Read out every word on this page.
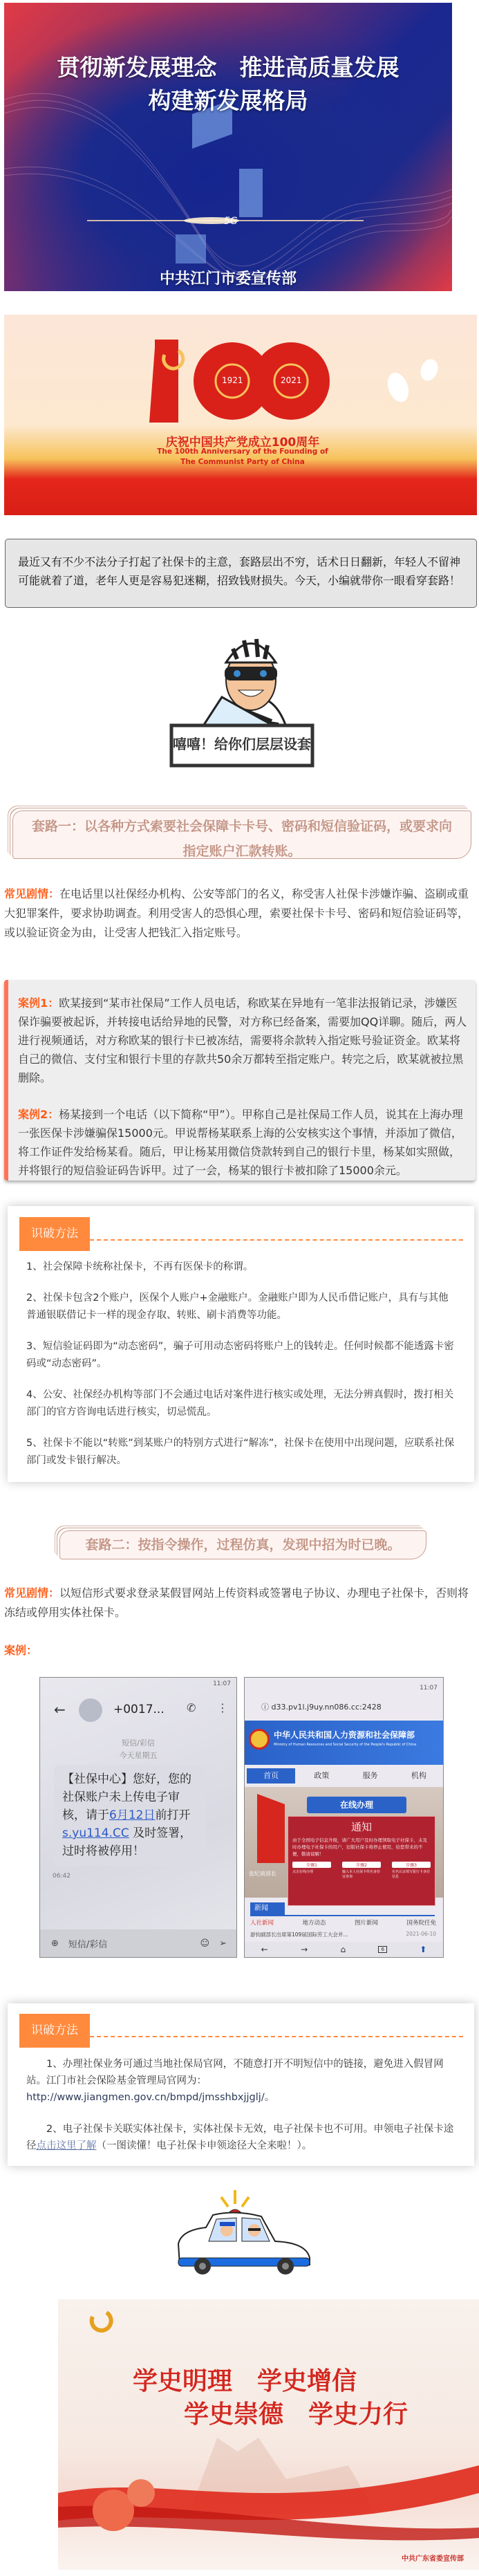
5G
贯彻新发展理念　推进高质量发展
构建新发展格局
中共江门市委宣传部
1921	2021
庆祝中国共产党成立100周年
The 100th Anniversary of the Founding of
The Communist Party of China
最近又有不少不法分子打起了社保卡的主意，套路层出不穷，话术日日翻新，年轻人不留神可能就着了道，老年人更是容易犯迷糊，招致钱财损失。今天，小编就带你一眼看穿套路！
嘻嘻！给你们层层设套
套路一：以各种方式索要社会保障卡卡号、密码和短信验证码，或要求向指定账户汇款转账。
常见剧情：在电话里以社保经办机构、公安等部门的名义，称受害人社保卡涉嫌诈骗、盗刷或重大犯罪案件，要求协助调查。利用受害人的恐惧心理，索要社保卡卡号、密码和短信验证码等，或以验证资金为由，让受害人把钱汇入指定账号。

案例1：欧某接到“某市社保局”工作人员电话，称欧某在异地有一笔非法报销记录，涉嫌医保诈骗要被起诉，并转接电话给异地的民警，对方称已经备案，需要加QQ详聊。随后，两人进行视频通话，对方称欧某的银行卡已被冻结，需要将余款转入指定账号验证资金。欧某将自己的微信、支付宝和银行卡里的存款共50余万都转至指定账户。转完之后，欧某就被拉黑删除。

案例2：杨某接到一个电话（以下简称“甲”）。甲称自己是社保局工作人员，说其在上海办理一张医保卡涉嫌骗保15000元。甲说帮杨某联系上海的公安核实这个事情，并添加了微信，将工作证件发给杨某看。随后，甲让杨某用微信贷款转到自己的银行卡里，杨某如实照做，并将银行的短信验证码告诉甲。过了一会，杨某的银行卡被扣除了15000余元。

识破方法

1、社会保障卡统称社保卡，不再有医保卡的称谓。

2、社保卡包含2个账户，医保个人账户+金融账户。金融账户即为人民币借记账户，具有与其他普通银联借记卡一样的现金存取、转账、刷卡消费等功能。

3、短信验证码即为“动态密码”，骗子可用动态密码将账户上的钱转走。任何时候都不能透露卡密码或“动态密码”。

4、公安、社保经办机构等部门不会通过电话对案件进行核实或处理，无法分辨真假时，拨打相关部门的官方咨询电话进行核实，切忌慌乱。

5、社保卡不能以“转账”到某账户的特别方式进行“解冻”，社保卡在使用中出现问题，应联系社保部门或发卡银行解决。

套路二：按指令操作，过程仿真，发现中招为时已晚。
常见剧情：以短信形式要求登录某假冒网站上传资料或签署电子协议、办理电子社保卡，否则将冻结或停用实体社保卡。
案例：
11:07
←	+0017... ✆ ⋮
短信/彩信
今天星期五
【社保中心】您好，您的社保账户未上传电子审核，请于6月12日前打开 s.yu114.CC 及时签署，过时将被停用！
06:42
⊕ 短信/彩信	☺ ➢
11:07
ⓘ d33.pv1l.j9uy.nn086.cc:2428
中华人民共和国人力资源和社会保障部
Ministry of Human Resources and Social Security of the People's Republic of China
首页	政策	服务	机构
张纪南部长
在线办理
通知
由于全国电子信息升级，请广大用户及时办理领取电子社保卡，未及时办理电子社保卡的用户，旧版社保卡将停止使用，给您带来的不便，敬请谅解！
步骤1
点击在线办理
步骤2
输入本人社保卡姓名身份证查询
步骤3
实名认证填写银行卡身份信息
新闻
人社新闻	地方动态	图片新闻	国务院任免
游钧副部长出席第109届国际劳工大会并...	2021-06-10
←	→	⌂	6	⬆
识破方法

1、办理社保业务可通过当地社保局官网，不随意打开不明短信中的链接，避免进入假冒网站。江门市社会保险基金管理局官网为：
http://www.jiangmen.gov.cn/bmpd/jmsshbxjjglj/。

2、电子社保卡关联实体社保卡，实体社保卡无效，电子社保卡也不可用。申领电子社保卡途径点击这里了解（一图读懂！电子社保卡申领途径大全来啦！）。

学史明理　学史增信
学史崇德　学史力行
中共广东省委宣传部
